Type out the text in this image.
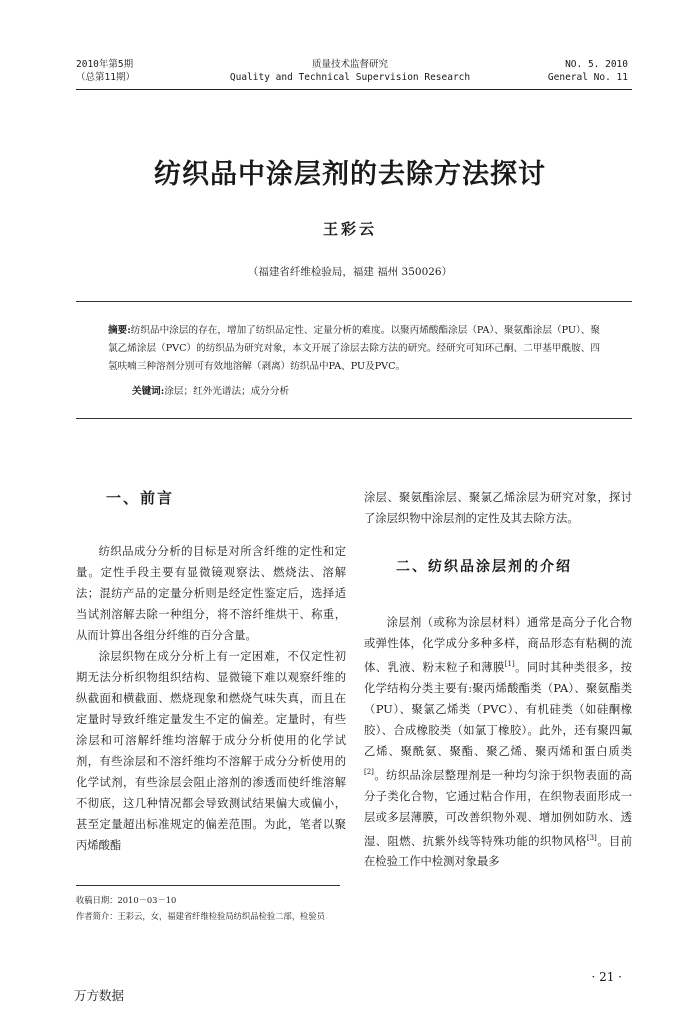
2010年第5期
（总第11期）
质量技术监督研究
Quality and Technical Supervision Research
NO. 5. 2010
General No. 11
纺织品中涂层剂的去除方法探讨
王彩云
（福建省纤维检验局，福建 福州 350026）
摘要:纺织品中涂层的存在，增加了纺织品定性、定量分析的难度。以聚丙烯酸酯涂层（PA）、聚氨酯涂层（PU）、聚氯乙烯涂层（PVC）的纺织品为研究对象，本文开展了涂层去除方法的研究。经研究可知环己酮、二甲基甲酰胺、四氢呋喃三种溶剂分别可有效地溶解（剥离）纺织品中PA、PU及PVC。
关键词:涂层；红外光谱法；成分分析
一、前言

纺织品成分分析的目标是对所含纤维的定性和定量。定性手段主要有显微镜观察法、燃烧法、溶解法；混纺产品的定量分析则是经定性鉴定后，选择适当试剂溶解去除一种组分，将不溶纤维烘干、称重，从而计算出各组分纤维的百分含量。

涂层织物在成分分析上有一定困难，不仅定性初期无法分析织物组织结构、显微镜下难以观察纤维的纵截面和横截面、燃烧现象和燃烧气味失真，而且在定量时导致纤维定量发生不定的偏差。定量时，有些涂层和可溶解纤维均溶解于成分分析使用的化学试剂，有些涂层和不溶纤维均不溶解于成分分析使用的化学试剂，有些涂层会阻止溶剂的渗透而使纤维溶解不彻底，这几种情况都会导致测试结果偏大或偏小，甚至定量超出标准规定的偏差范围。为此，笔者以聚丙烯酸酯

涂层、聚氨酯涂层、聚氯乙烯涂层为研究对象，探讨了涂层织物中涂层剂的定性及其去除方法。

二、纺织品涂层剂的介绍

涂层剂（或称为涂层材料）通常是高分子化合物或弹性体，化学成分多种多样，商品形态有粘稠的流体、乳液、粉末粒子和薄膜[1]。同时其种类很多，按化学结构分类主要有:聚丙烯酸酯类（PA）、聚氨酯类（PU）、聚氯乙烯类（PVC）、有机硅类（如硅酮橡胶）、合成橡胶类（如氯丁橡胶）。此外，还有聚四氟乙烯、聚酰氨、聚酯、聚乙烯、聚丙烯和蛋白质类[2]。纺织品涂层整理剂是一种均匀涂于织物表面的高分子类化合物，它通过粘合作用，在织物表面形成一层或多层薄膜，可改善织物外观、增加例如防水、透湿、阻燃、抗紫外线等特殊功能的织物风格[3]。目前在检验工作中检测对象最多

收稿日期：2010－03－10
作者简介：王彩云，女，福建省纤维检验局纺织品检验二部，检验员
· 21 ·
万方数据
